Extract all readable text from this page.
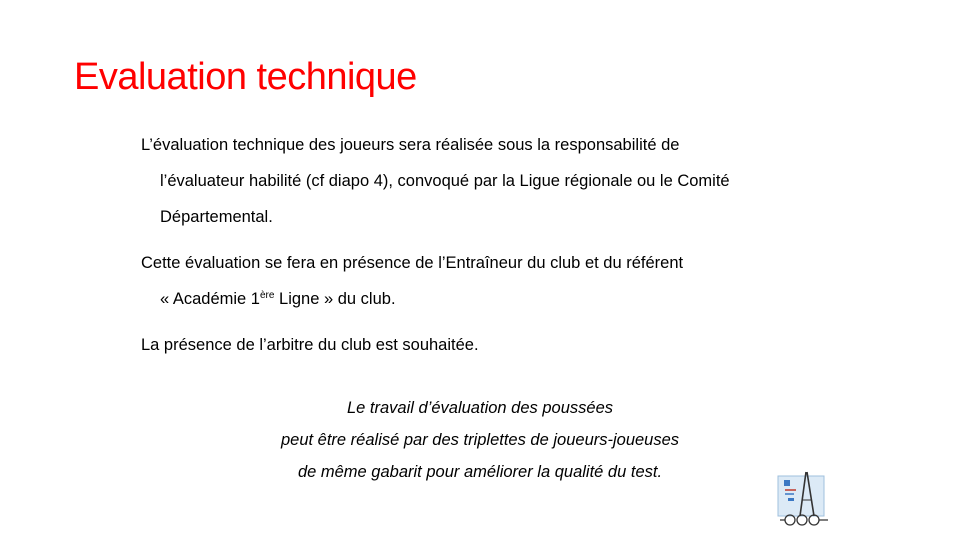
Evaluation technique
L’évaluation technique des joueurs sera réalisée sous la responsabilité de
l’évaluateur habilité (cf diapo 4), convoqué par la Ligue régionale ou le Comité
Départemental.
Cette évaluation se fera en présence de l’Entraîneur du club et du référent
« Académie 1ère Ligne » du club.
La présence de l’arbitre du club est souhaitée.
Le travail d’évaluation des poussées
peut être réalisé par des triplettes de joueurs-joueuses
de même gabarit pour améliorer la qualité du test.
